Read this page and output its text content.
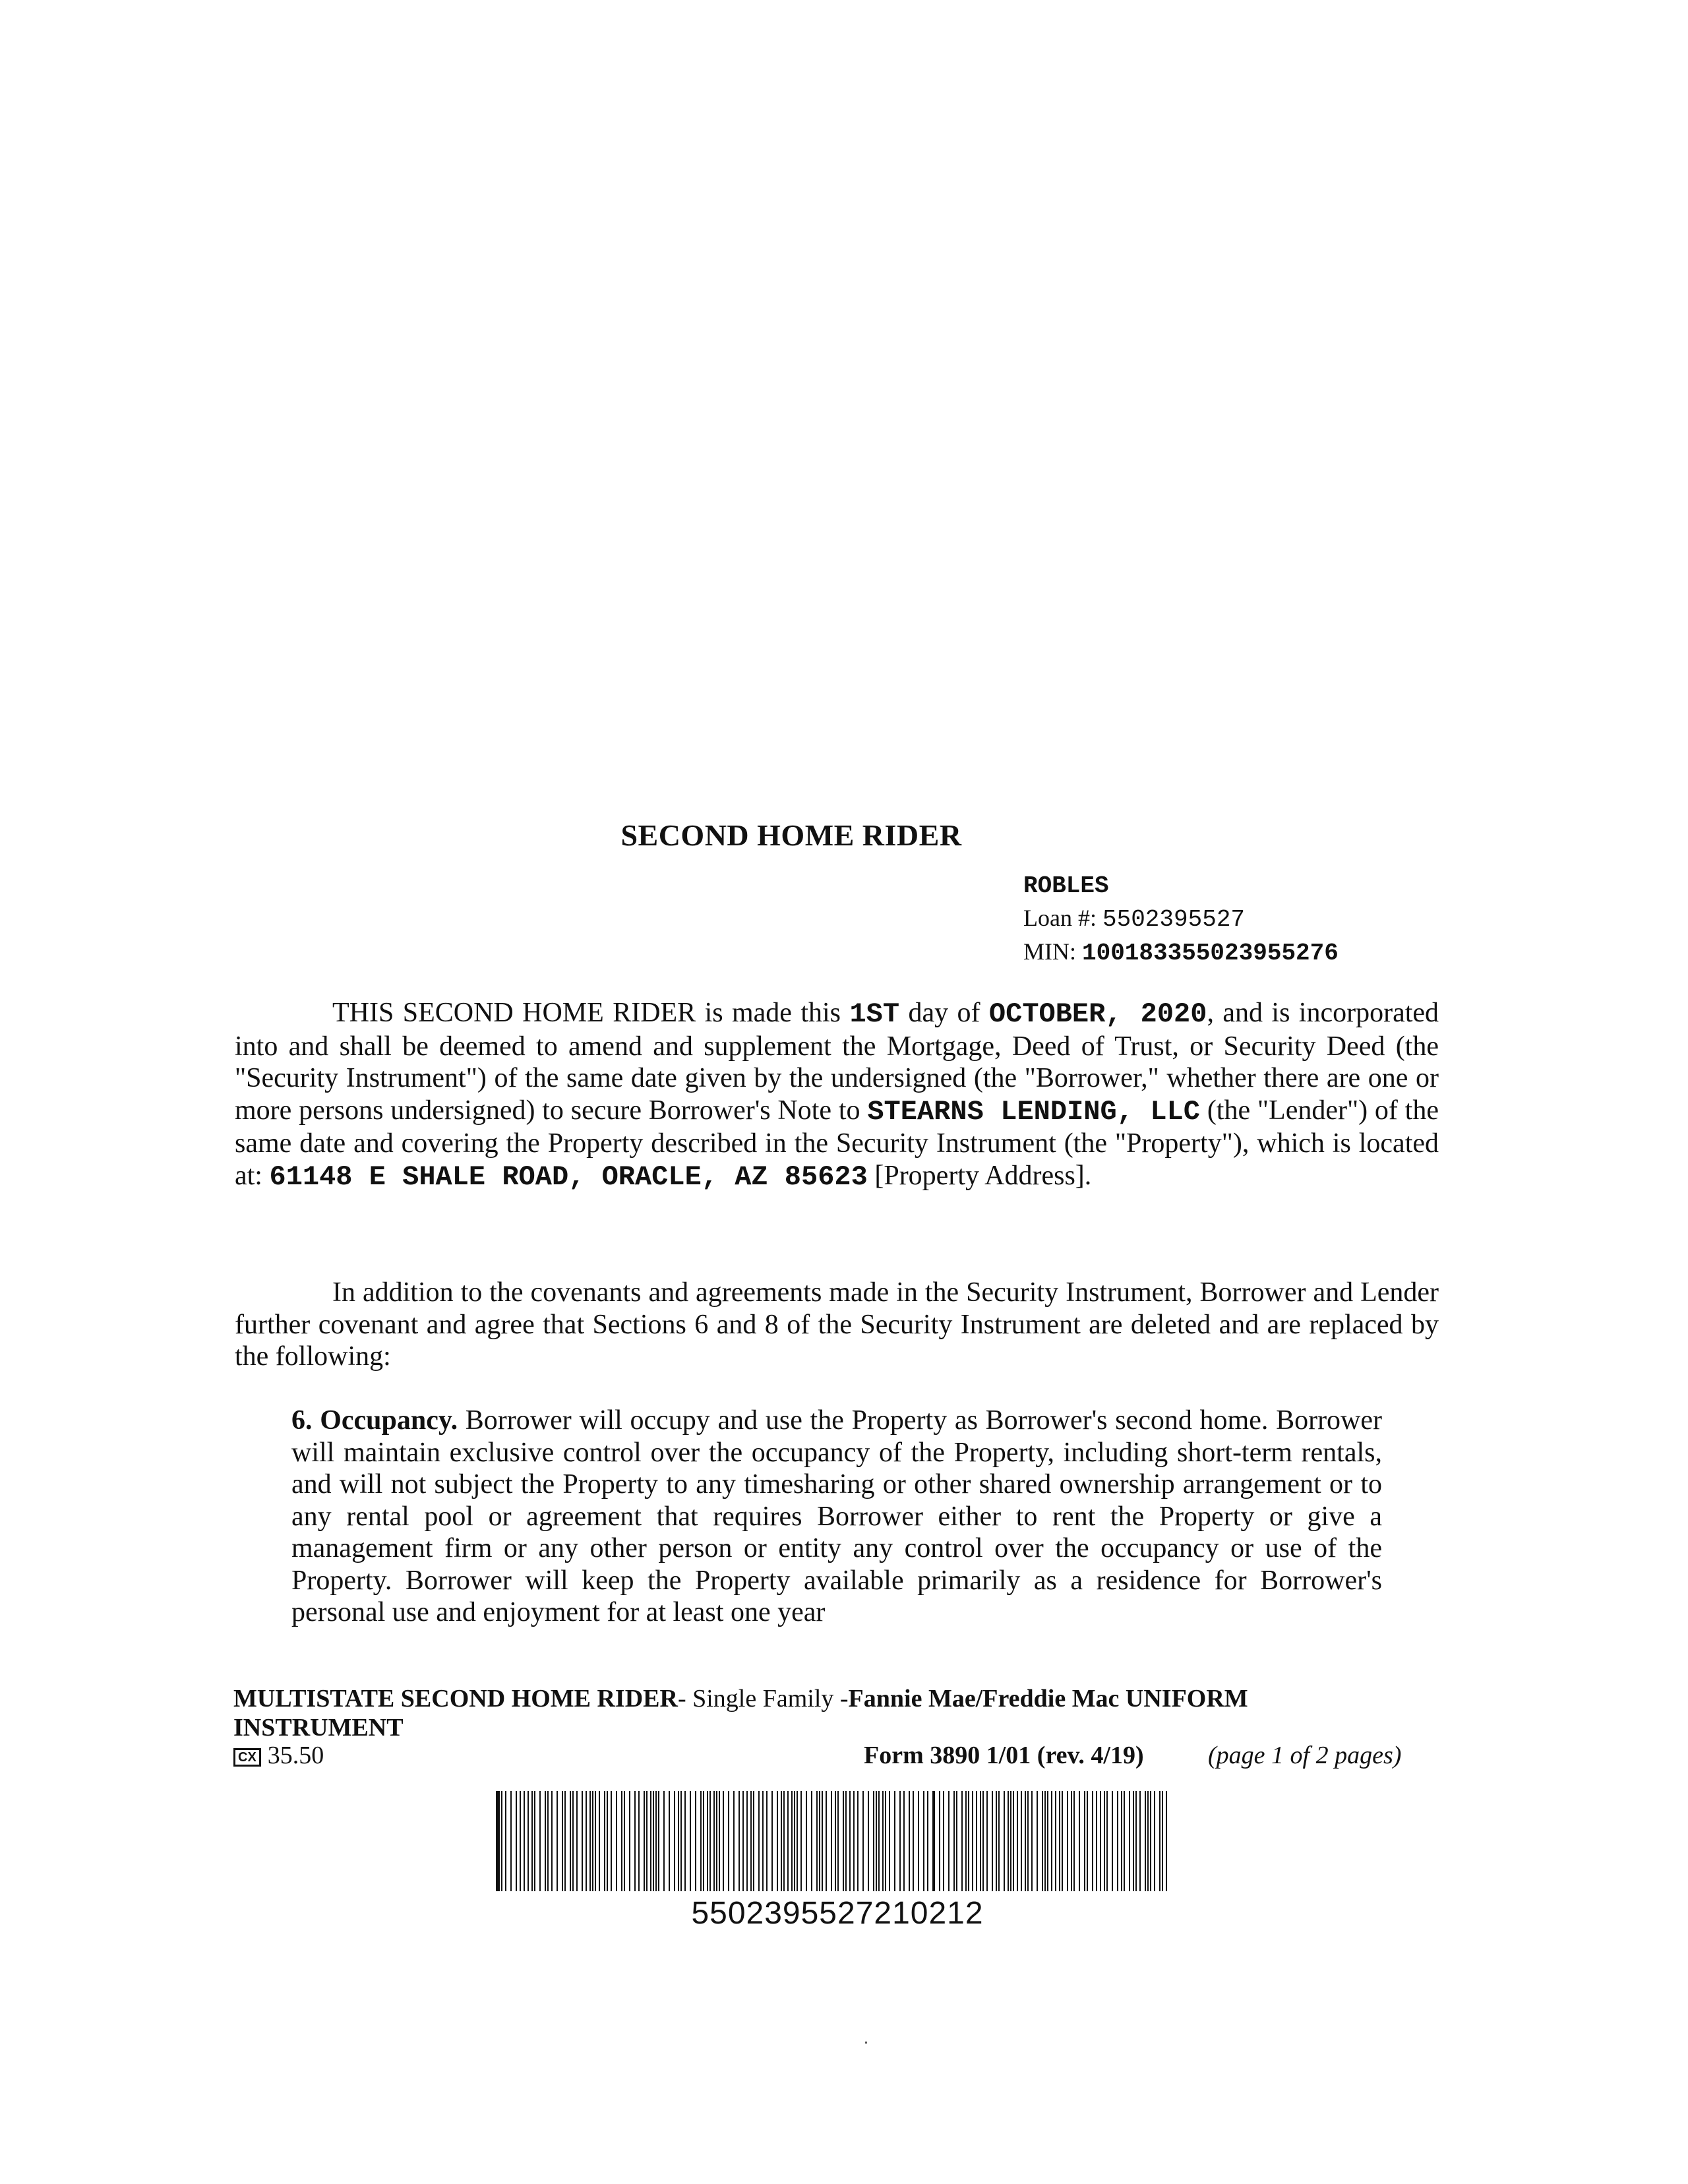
SECOND HOME RIDER
ROBLES
Loan #: 5502395527
MIN: 100183355023955276
THIS SECOND HOME RIDER is made this 1ST day of OCTOBER, 2020, and is incorporated into and shall be deemed to amend and supplement the Mortgage, Deed of Trust, or Security Deed (the "Security Instrument") of the same date given by the undersigned (the "Borrower," whether there are one or more persons undersigned) to secure Borrower's Note to STEARNS LENDING, LLC (the "Lender") of the same date and covering the Property described in the Security Instrument (the "Property"), which is located at: 61148 E SHALE ROAD, ORACLE, AZ 85623 [Property Address].
In addition to the covenants and agreements made in the Security Instrument, Borrower and Lender further covenant and agree that Sections 6 and 8 of the Security Instrument are deleted and are replaced by the following:
6. Occupancy. Borrower will occupy and use the Property as Borrower's second home. Borrower will maintain exclusive control over the occupancy of the Property, including short-term rentals, and will not subject the Property to any timesharing or other shared ownership arrangement or to any rental pool or agreement that requires Borrower either to rent the Property or give a management firm or any other person or entity any control over the occupancy or use of the Property. Borrower will keep the Property available primarily as a residence for Borrower's personal use and enjoyment for at least one year
MULTISTATE SECOND HOME RIDER- Single Family -Fannie Mae/Freddie Mac UNIFORM INSTRUMENT
CX 35.50	Form 3890 1/01 (rev. 4/19)	(page 1 of 2 pages)
5502395527210212
